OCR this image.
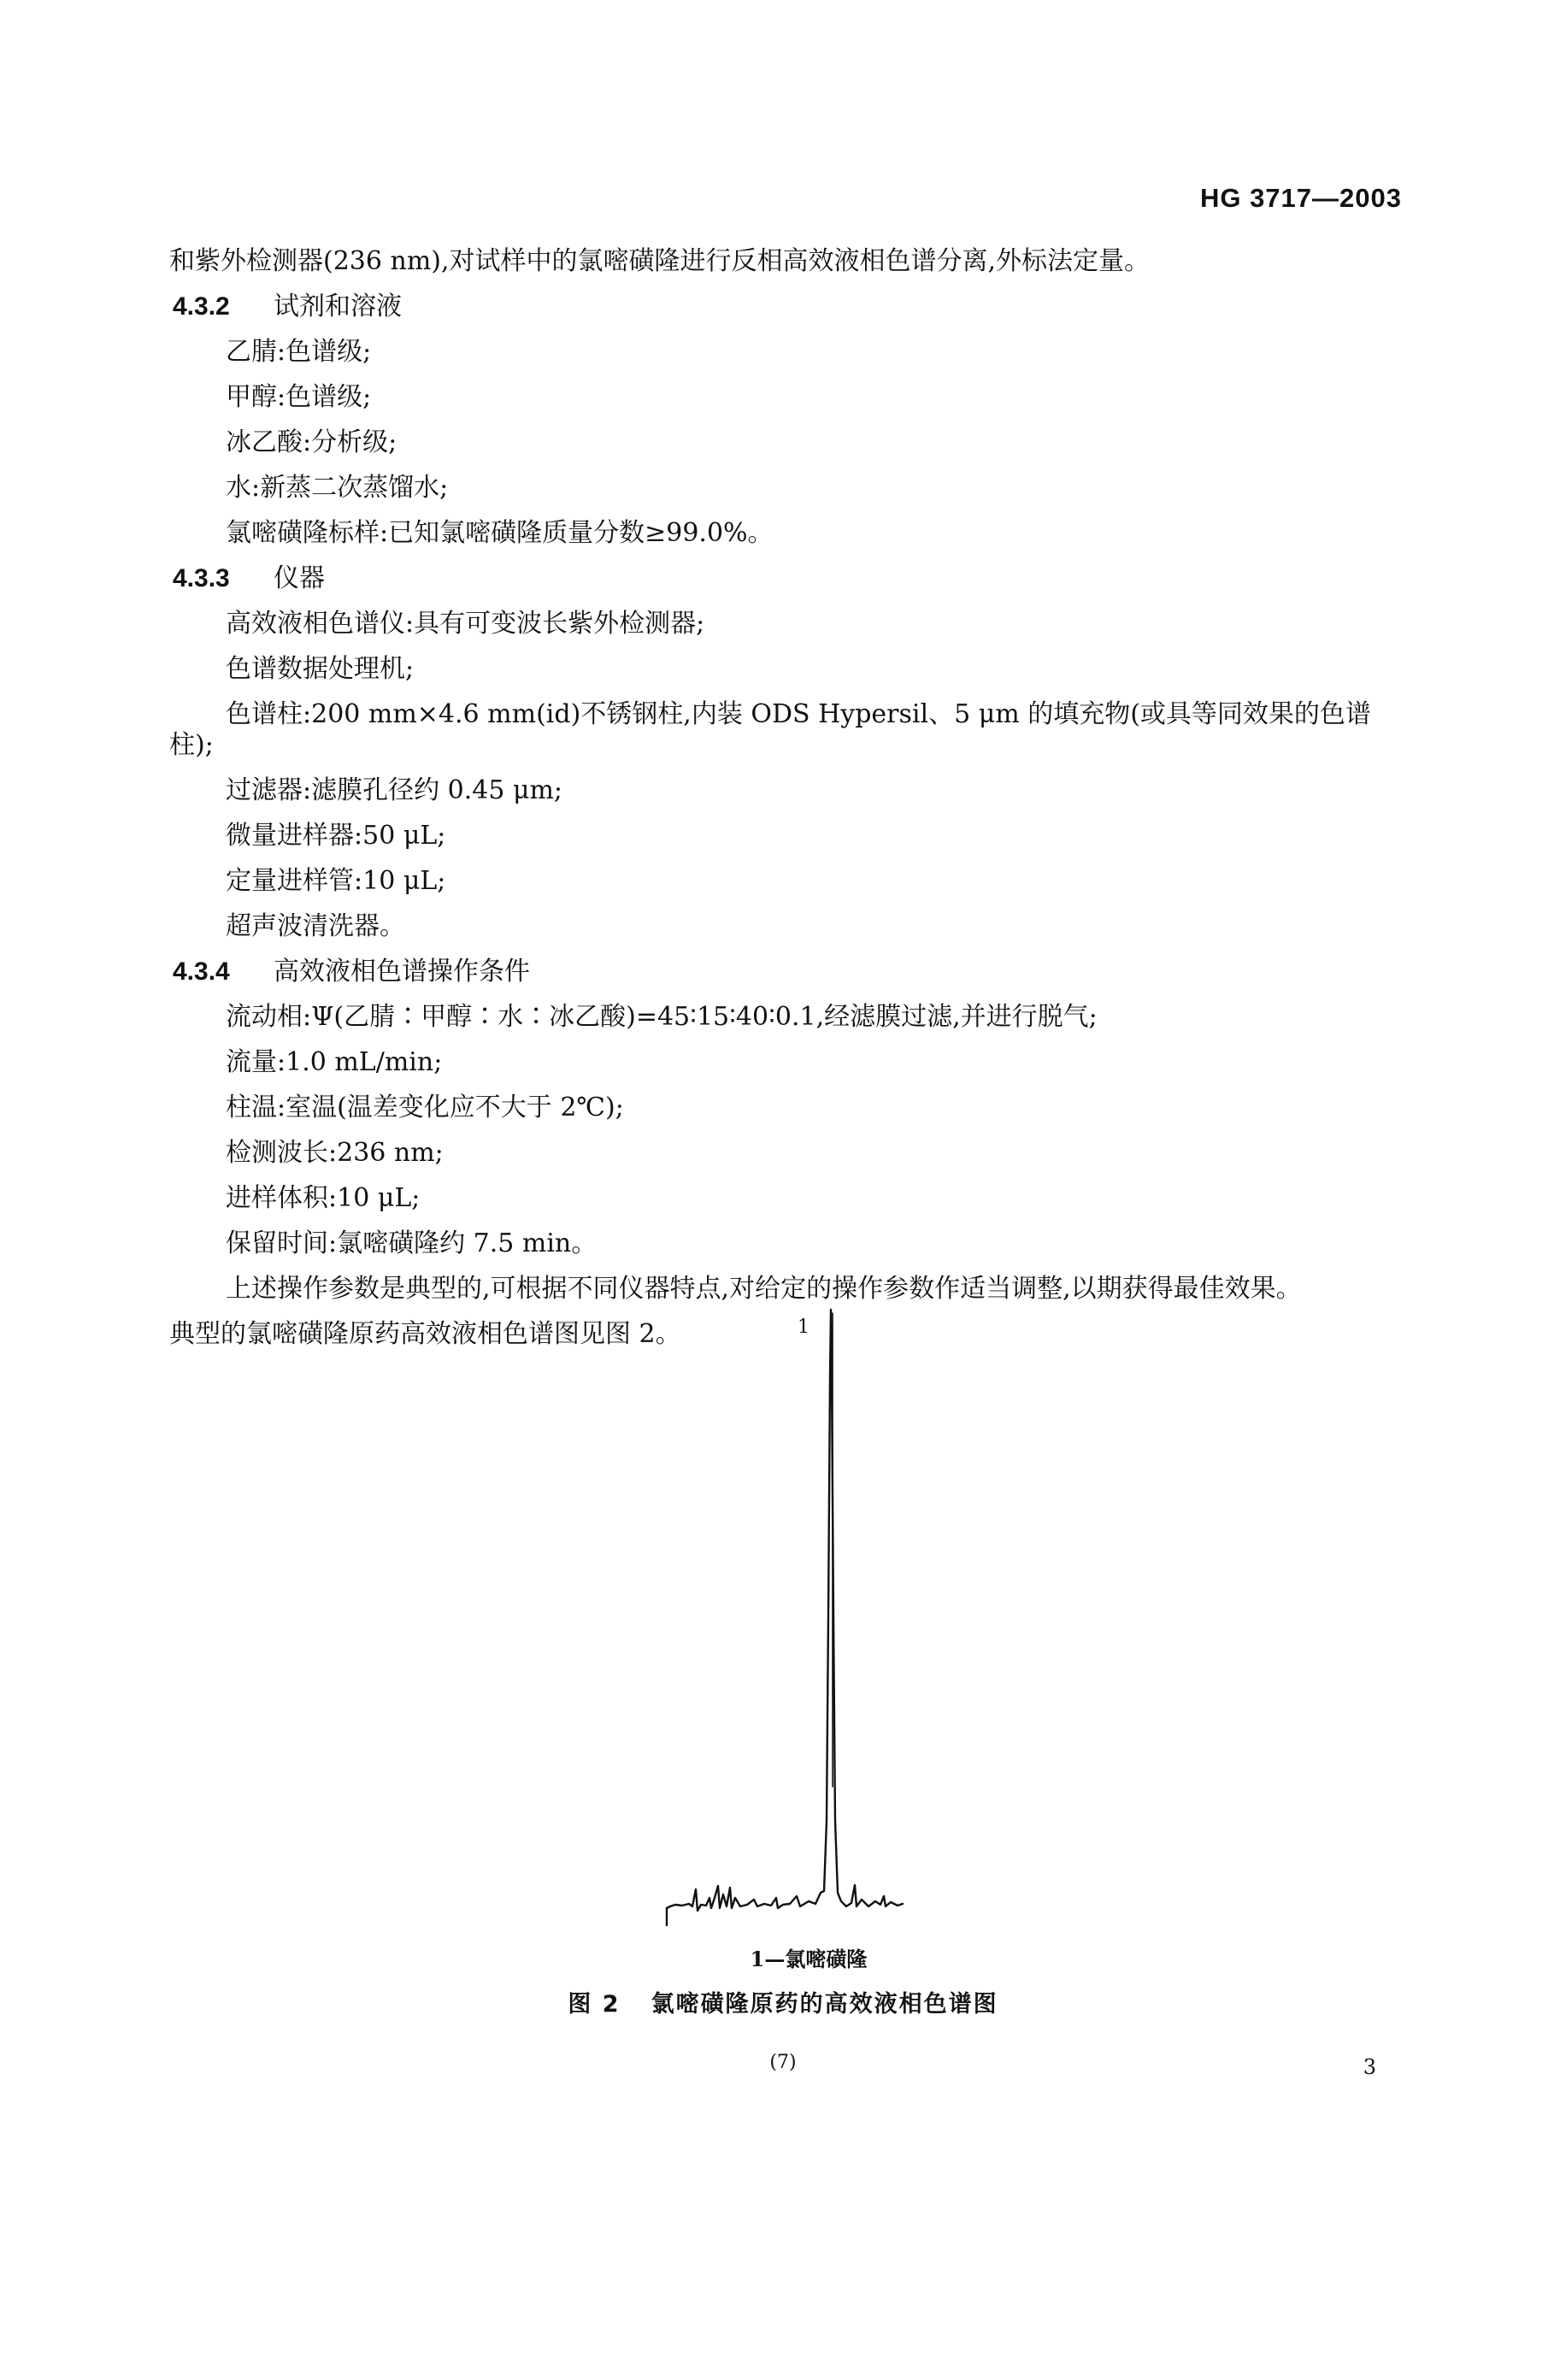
HG 3717—2003

和紫外检测器(236 nm),对试样中的氯嘧磺隆进行反相高效液相色谱分离,外标法定量。

4.3.2 试剂和溶液

乙腈:色谱级;

甲醇:色谱级;

冰乙酸:分析级;

水:新蒸二次蒸馏水;

氯嘧磺隆标样:已知氯嘧磺隆质量分数≥99.0%。

4.3.3 仪器

高效液相色谱仪:具有可变波长紫外检测器;

色谱数据处理机;

色谱柱:200 mm×4.6 mm(id)不锈钢柱,内装 ODS Hypersil、5 μm 的填充物(或具等同效果的色谱柱);

过滤器:滤膜孔径约 0.45 μm;

微量进样器:50 μL;

定量进样管:10 μL;

超声波清洗器。

4.3.4 高效液相色谱操作条件

流动相:Ψ(乙腈∶甲醇∶水∶冰乙酸)=45∶15∶40∶0.1,经滤膜过滤,并进行脱气;

流量:1.0 mL/min;

柱温:室温(温差变化应不大于 2℃);

检测波长:236 nm;

进样体积:10 μL;

保留时间:氯嘧磺隆约 7.5 min。

上述操作参数是典型的,可根据不同仪器特点,对给定的操作参数作适当调整,以期获得最佳效果。

典型的氯嘧磺隆原药高效液相色谱图见图 2。	1
1—氯嘧磺隆
图 2 氯嘧磺隆原药的高效液相色谱图
(7)	3
